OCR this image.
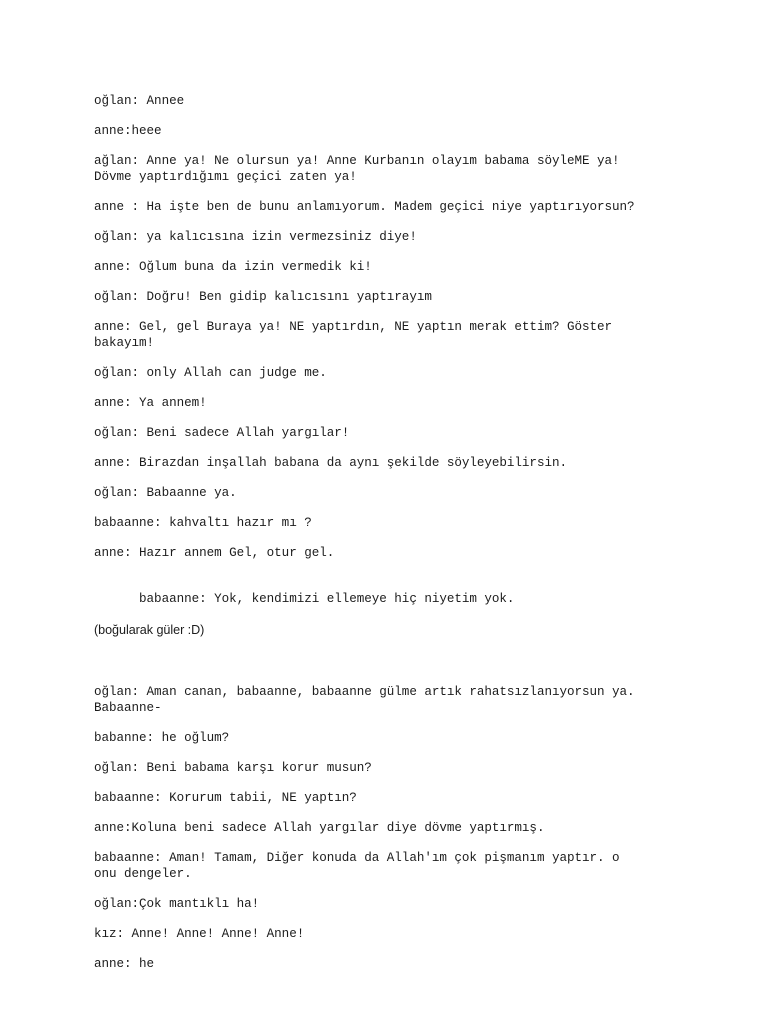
oğlan: Annee

anne:heee

ağlan: Anne ya! Ne olursun ya! Anne Kurbanın olayım babama söyleME ya!
Dövme yaptırdığımı geçici zaten ya!

anne : Ha işte ben de bunu anlamıyorum. Madem geçici niye yaptırıyorsun?

oğlan: ya kalıcısına izin vermezsiniz diye!

anne: Oğlum buna da izin vermedik ki!

oğlan: Doğru! Ben gidip kalıcısını yaptırayım

anne: Gel, gel Buraya ya! NE yaptırdın, NE yaptın merak ettim? Göster
bakayım!

oğlan: only Allah can judge me.

anne: Ya annem!

oğlan: Beni sadece Allah yargılar!

anne: Birazdan inşallah babana da aynı şekilde söyleyebilirsin.

oğlan: Babaanne ya.

babaanne: kahvaltı hazır mı ?

anne: Hazır annem Gel, otur gel.

babaanne: Yok, kendimizi ellemeye hiç niyetim yok.

(boğularak güler :D)

oğlan: Aman canan, babaanne, babaanne gülme artık rahatsızlanıyorsun ya.
Babaanne-

babanne: he oğlum?

oğlan: Beni babama karşı korur musun?

babaanne: Korurum tabii, NE yaptın?

anne:Koluna beni sadece Allah yargılar diye dövme yaptırmış.

babaanne: Aman! Tamam, Diğer konuda da Allah'ım çok pişmanım yaptır. o
onu dengeler.

oğlan:Çok mantıklı ha!

kız: Anne! Anne! Anne! Anne!

anne: he
